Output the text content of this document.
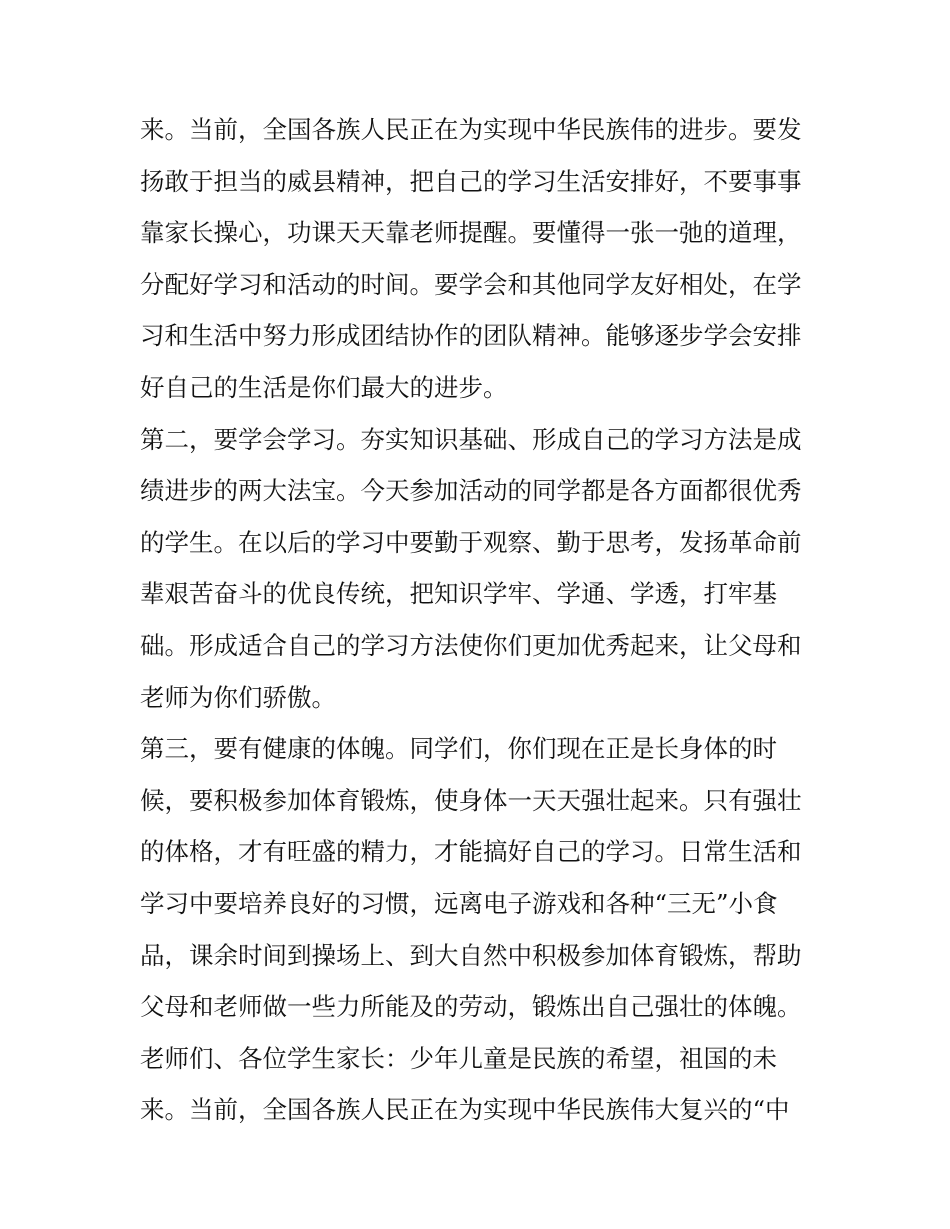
来。当前，全国各族人民正在为实现中华民族伟的进步。要发
扬敢于担当的威县精神，把自己的学习生活安排好，不要事事
靠家长操心，功课天天靠老师提醒。要懂得一张一弛的道理，
分配好学习和活动的时间。要学会和其他同学友好相处，在学
习和生活中努力形成团结协作的团队精神。能够逐步学会安排
好自己的生活是你们最大的进步。
第二，要学会学习。夯实知识基础、形成自己的学习方法是成
绩进步的两大法宝。今天参加活动的同学都是各方面都很优秀
的学生。在以后的学习中要勤于观察、勤于思考，发扬革命前
辈艰苦奋斗的优良传统，把知识学牢、学通、学透，打牢基
础。形成适合自己的学习方法使你们更加优秀起来，让父母和
老师为你们骄傲。
第三，要有健康的体魄。同学们，你们现在正是长身体的时
候，要积极参加体育锻炼，使身体一天天强壮起来。只有强壮
的体格，才有旺盛的精力，才能搞好自己的学习。日常生活和
学习中要培养良好的习惯，远离电子游戏和各种“三无”小食
品，课余时间到操场上、到大自然中积极参加体育锻炼，帮助
父母和老师做一些力所能及的劳动，锻炼出自己强壮的体魄。
老师们、各位学生家长：少年儿童是民族的希望，祖国的未
来。当前，全国各族人民正在为实现中华民族伟大复兴的“中
